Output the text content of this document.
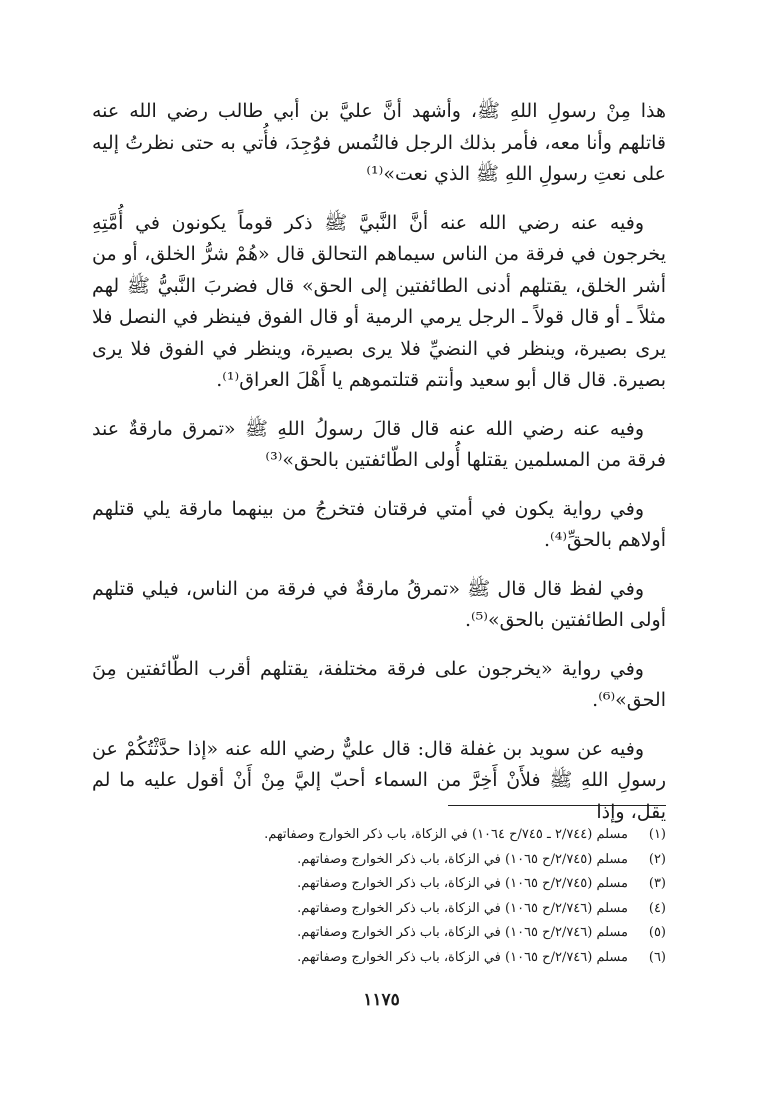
هذا مِنْ رسولِ اللهِ ﷺ، وأشهد أنَّ عليَّ بن أبي طالب رضي الله عنه قاتلهم وأنا معه، فأمر بذلك الرجل فالتُمس فوُجِدَ، فأُتي به حتى نظرتُ إليه على نعتِ رسولِ اللهِ ﷺ الذي نعت»⁽¹⁾

وفيه عنه رضي الله عنه أنَّ النَّبيَّ ﷺ ذكر قوماً يكونون في أُمَّتِهِ يخرجون في فرقة من الناس سيماهم التحالق قال «هُمْ شرُّ الخلق، أو من أشر الخلق، يقتلهم أدنى الطائفتين إلى الحق» قال فضربَ النَّبيُّ ﷺ لهم مثلاً ـ أو قال قولاً ـ الرجل يرمي الرمية أو قال الفوق فينظر في النصل فلا يرى بصيرة، وينظر في النضيِّ فلا يرى بصيرة، وينظر في الفوق فلا يرى بصيرة. قال قال أبو سعيد وأنتم قتلتموهم يا أَهْلَ العراق⁽¹⁾.

وفيه عنه رضي الله عنه قال قالَ رسولُ اللهِ ﷺ «تمرق مارقةٌ عند فرقة من المسلمين يقتلها أُولى الطّائفتين بالحق»⁽³⁾

وفي رواية يكون في أمتي فرقتان فتخرجُ من بينهما مارقة يلي قتلهم أولاهم بالحقِّ⁽⁴⁾.

وفي لفظ قال قال ﷺ «تمرقُ مارقةٌ في فرقة من الناس، فيلي قتلهم أولى الطائفتين بالحق»⁽⁵⁾.

وفي رواية «يخرجون على فرقة مختلفة، يقتلهم أقرب الطّائفتين مِنَ الحق»⁽⁶⁾.

وفيه عن سويد بن غفلة قال: قال عليٌّ رضي الله عنه «إذا حدَّثْتُكُمْ عن رسولِ اللهِ ﷺ فلأَنْ أَخِرَّ من السماء أحبّ إليَّ مِنْ أَنْ أقول عليه ما لم يقل، وإذا

(١)
مسلم (٢/٧٤٤ ـ ٧٤٥/ح ١٠٦٤) في الزكاة، باب ذكر الخوارج وصفاتهم.
(٢)
مسلم (٢/٧٤٥/ح ١٠٦٥) في الزكاة، باب ذكر الخوارج وصفاتهم.
(٣)
مسلم (٢/٧٤٥/ح ١٠٦٥) في الزكاة، باب ذكر الخوارج وصفاتهم.
(٤)
مسلم (٢/٧٤٦/ح ١٠٦٥) في الزكاة، باب ذكر الخوارج وصفاتهم.
(٥)
مسلم (٢/٧٤٦/ح ١٠٦٥) في الزكاة، باب ذكر الخوارج وصفاتهم.
(٦)
مسلم (٢/٧٤٦/ح ١٠٦٥) في الزكاة، باب ذكر الخوارج وصفاتهم.
١١٧٥
